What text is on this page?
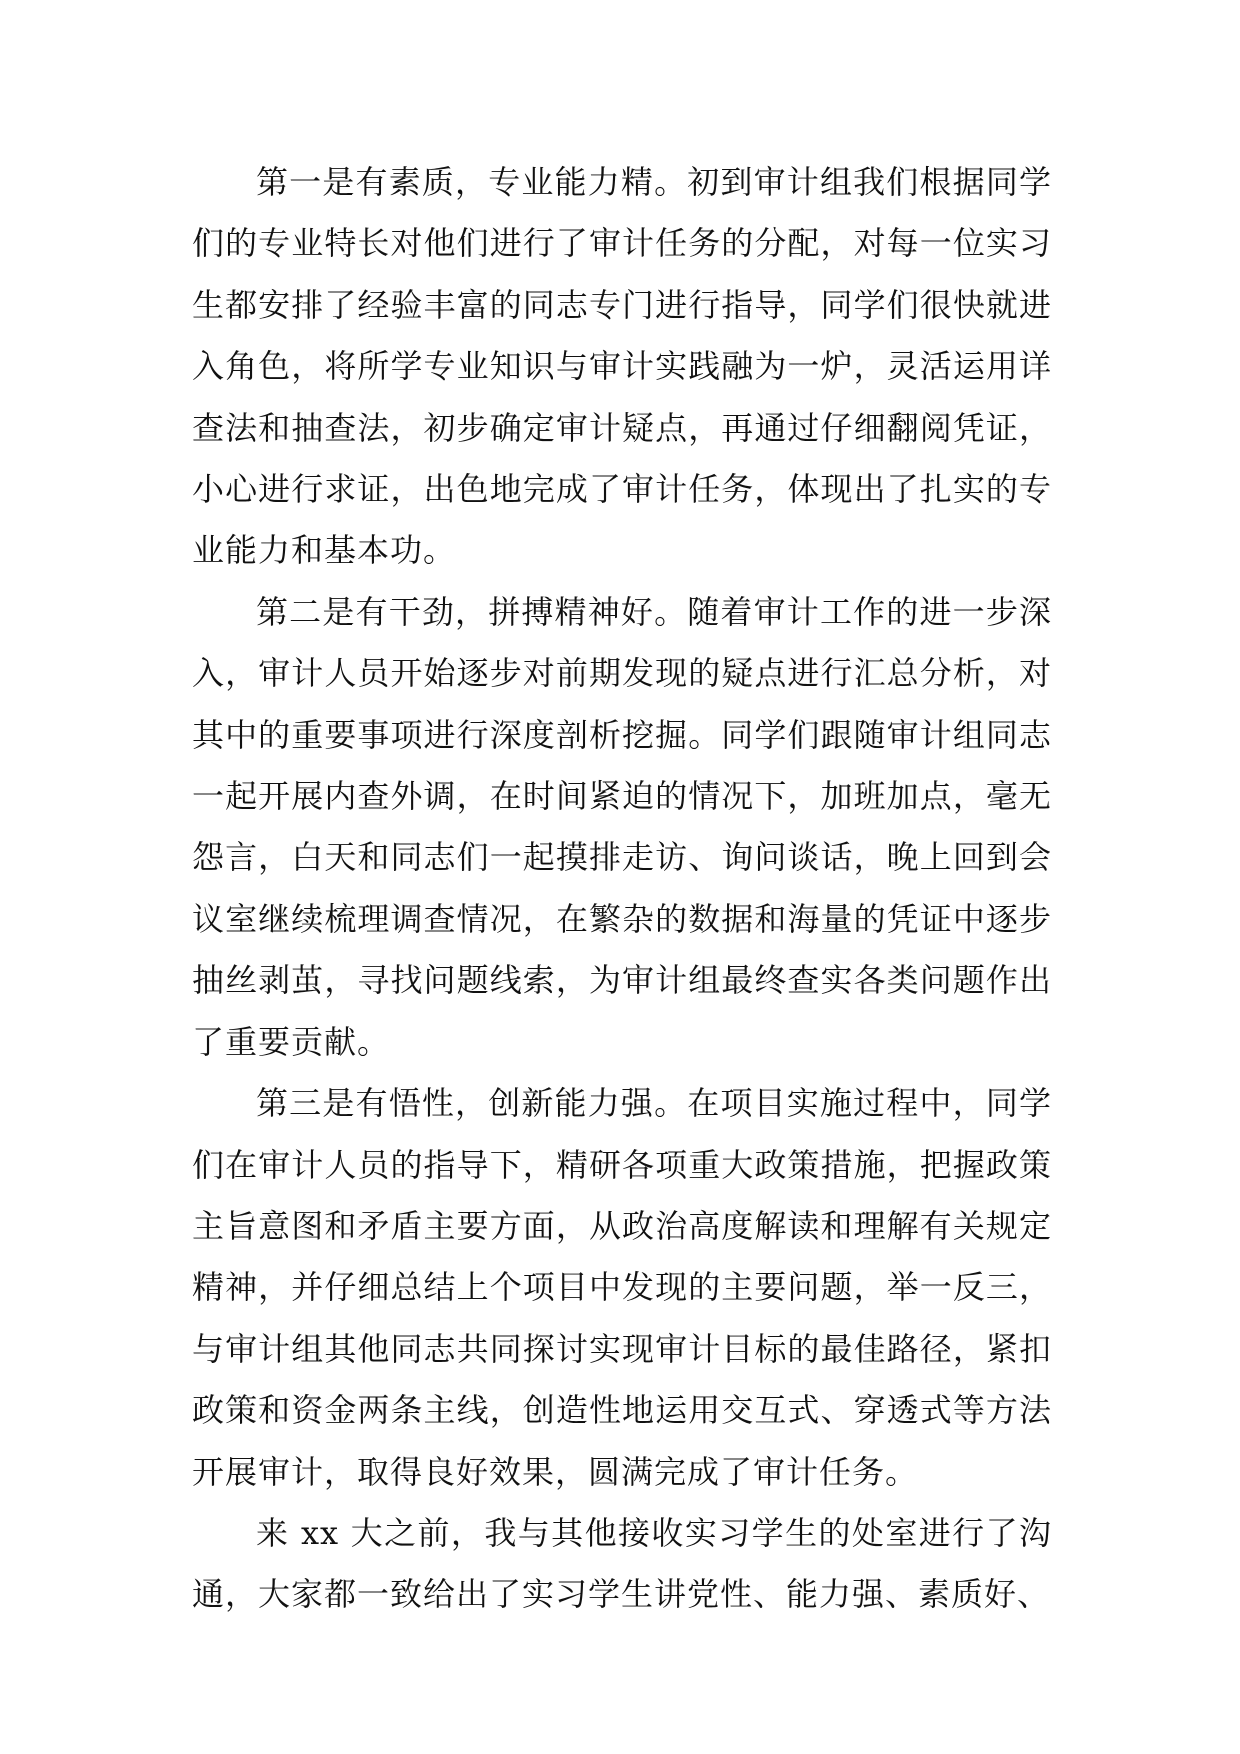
第一是有素质，专业能力精。初到审计组我们根据同学们的专业特长对他们进行了审计任务的分配，对每一位实习生都安排了经验丰富的同志专门进行指导，同学们很快就进入角色，将所学专业知识与审计实践融为一炉，灵活运用详查法和抽查法，初步确定审计疑点，再通过仔细翻阅凭证，小心进行求证，出色地完成了审计任务，体现出了扎实的专业能力和基本功。

第二是有干劲，拼搏精神好。随着审计工作的进一步深入，审计人员开始逐步对前期发现的疑点进行汇总分析，对其中的重要事项进行深度剖析挖掘。同学们跟随审计组同志一起开展内查外调，在时间紧迫的情况下，加班加点，毫无怨言，白天和同志们一起摸排走访、询问谈话，晚上回到会议室继续梳理调查情况，在繁杂的数据和海量的凭证中逐步抽丝剥茧，寻找问题线索，为审计组最终查实各类问题作出了重要贡献。

第三是有悟性，创新能力强。在项目实施过程中，同学们在审计人员的指导下，精研各项重大政策措施，把握政策主旨意图和矛盾主要方面，从政治高度解读和理解有关规定精神，并仔细总结上个项目中发现的主要问题，举一反三，与审计组其他同志共同探讨实现审计目标的最佳路径，紧扣政策和资金两条主线，创造性地运用交互式、穿透式等方法开展审计，取得良好效果，圆满完成了审计任务。

来 xx 大之前，我与其他接收实习学生的处室进行了沟通，大家都一致给出了实习学生讲党性、能力强、素质好、
